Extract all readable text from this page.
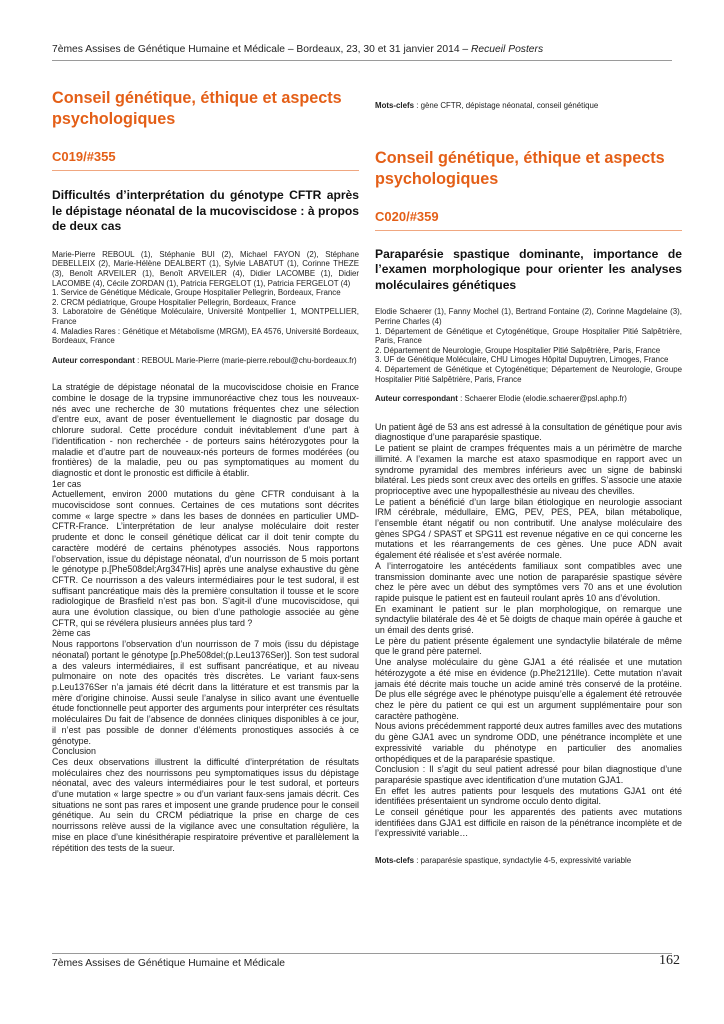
7èmes Assises de Génétique Humaine et Médicale – Bordeaux, 23, 30 et 31 janvier 2014 – Recueil Posters
Conseil génétique, éthique et aspects psychologiques
C019/#355
Difficultés d’interprétation du génotype CFTR après le dépistage néonatal de la mucoviscidose : à propos de deux cas
Marie-Pierre REBOUL (1), Stéphanie BUI (2), Michael FAYON (2), Stéphane DEBELLEIX (2), Marie-Hélène DEALBERT (1), Sylvie LABATUT (1), Corinne THEZE (3), Benoît ARVEILER (1), Benoît ARVEILER (4), Didier LACOMBE (1), Didier LACOMBE (4), Cécile ZORDAN (1), Patricia FERGELOT (1), Patricia FERGELOT (4)
1. Service de Génétique Médicale, Groupe Hospitalier Pellegrin, Bordeaux, France
2. CRCM pédiatrique, Groupe Hospitalier Pellegrin, Bordeaux, France
3. Laboratoire de Génétique Moléculaire, Université Montpellier 1, MONTPELLIER, France
4. Maladies Rares : Génétique et Métabolisme (MRGM), EA 4576, Université Bordeaux, Bordeaux, France
Auteur correspondant : REBOUL Marie-Pierre (marie-pierre.reboul@chu-bordeaux.fr)

La stratégie de dépistage néonatal de la mucoviscidose choisie en France combine le dosage de la trypsine immunoréactive chez tous les nouveaux-nés avec une recherche de 30 mutations fréquentes chez une sélection d’entre eux, avant de poser éventuellement le diagnostic par dosage du chlorure sudoral. Cette procédure conduit inévitablement d’une part à l’identification - non recherchée - de porteurs sains hétérozygotes pour la maladie et d’autre part de nouveaux-nés porteurs de formes modérées (ou frontières) de la maladie, peu ou pas symptomatiques au moment du diagnostic et dont le pronostic est difficile à établir.

1er cas

Actuellement, environ 2000 mutations du gène CFTR conduisant à la mucoviscidose sont connues. Certaines de ces mutations sont décrites comme « large spectre » dans les bases de données en particulier UMD-CFTR-France. L’interprétation de leur analyse moléculaire doit rester prudente et donc le conseil génétique délicat car il doit tenir compte du caractère modéré de certains phénotypes associés. Nous rapportons l’observation, issue du dépistage néonatal, d’un nourrisson de 5 mois portant le génotype p.[Phe508del;Arg347His] après une analyse exhaustive du gène CFTR. Ce nourrisson a des valeurs intermédiaires pour le test sudoral, il est suffisant pancréatique mais dès la première consultation il tousse et le score radiologique de Brasfield n’est pas bon. S’agit-il d’une mucoviscidose, qui aura une évolution classique, ou bien d’une pathologie associée au gène CFTR, qui se révélera plusieurs années plus tard ?

2ème cas

Nous rapportons l’observation d’un nourrisson de 7 mois (issu du dépistage néonatal) portant le génotype [p.Phe508del;(p.Leu1376Ser)]. Son test sudoral a des valeurs intermédiaires, il est suffisant pancréatique, et au niveau pulmonaire on note des opacités très discrètes. Le variant faux-sens p.Leu1376Ser n’a jamais été décrit dans la littérature et est transmis par la mère d’origine chinoise. Aussi seule l’analyse in silico avant une éventuelle étude fonctionnelle peut apporter des arguments pour interpréter ces résultats moléculaires Du fait de l’absence de données cliniques disponibles à ce jour, il n’est pas possible de donner d’éléments pronostiques associés à ce génotype.

Conclusion

Ces deux observations illustrent la difficulté d’interprétation de résultats moléculaires chez des nourrissons peu symptomatiques issus du dépistage néonatal, avec des valeurs intermédiaires pour le test sudoral, et porteurs d’une mutation « large spectre » ou d’un variant faux-sens jamais décrit. Ces situations ne sont pas rares et imposent une grande prudence pour le conseil génétique. Au sein du CRCM pédiatrique la prise en charge de ces nourrissons relève aussi de la vigilance avec une consultation régulière, la mise en place d’une kinésithérapie respiratoire préventive et parallèlement la répétition des tests de la sueur.

Mots-clefs : gène CFTR, dépistage néonatal, conseil génétique
Conseil génétique, éthique et aspects psychologiques
C020/#359
Paraparésie spastique dominante, importance de l’examen morphologique pour orienter les analyses moléculaires génétiques
Elodie Schaerer (1), Fanny Mochel (1), Bertrand Fontaine (2), Corinne Magdelaine (3), Perrine Charles (4)
1. Département de Génétique et Cytogénétique, Groupe Hospitalier Pitié Salpêtrière, Paris, France
2. Département de Neurologie, Groupe Hospitalier Pitié Salpêtrière, Paris, France
3. UF de Génétique Moléculaire, CHU Limoges Hôpital Dupuytren, Limoges, France
4. Département de Génétique et Cytogénétique; Département de Neurologie, Groupe Hospitalier Pitié Salpêtrière, Paris, France
Auteur correspondant : Schaerer Elodie (elodie.schaerer@psl.aphp.fr)

Un patient âgé de 53 ans est adressé à la consultation de génétique pour avis diagnostique d’une paraparésie spastique.

Le patient se plaint de crampes fréquentes mais a un périmètre de marche illimité. A l’examen la marche est ataxo spasmodique en rapport avec un syndrome pyramidal des membres inférieurs avec un signe de babinski bilatéral. Les pieds sont creux avec des orteils en griffes. S’associe une ataxie proprioceptive avec une hypopallesthésie au niveau des chevilles.

Le patient a bénéficié d’un large bilan étiologique en neurologie associant IRM cérébrale, médullaire, EMG, PEV, PES, PEA, bilan métabolique, l’ensemble étant négatif ou non contributif. Une analyse moléculaire des gènes SPG4 / SPAST et SPG11 est revenue négative en ce qui concerne les mutations et les réarrangements de ces gènes. Une puce ADN avait également été réalisée et s’est avérée normale.

A l’interrogatoire les antécédents familiaux sont compatibles avec une transmission dominante avec une notion de paraparésie spastique sévère chez le père avec un début des symptômes vers 70 ans et une évolution rapide puisque le patient est en fauteuil roulant après 10 ans d’évolution.

En examinant le patient sur le plan morphologique, on remarque une syndactylie bilatérale des 4è et 5è doigts de chaque main opérée à gauche et un émail des dents grisé.

Le père du patient présente également une syndactylie bilatérale de même que le grand père paternel.

Une analyse moléculaire du gène GJA1 a été réalisée et une mutation hétérozygote a été mise en évidence (p.Phe2121lle). Cette mutation n’avait jamais été décrite mais touche un acide aminé très conservé de la protéine. De plus elle ségrége avec le phénotype puisqu’elle a également été retrouvée chez le père du patient ce qui est un argument supplémentaire pour son caractère pathogène.

Nous avions précédemment rapporté deux autres familles avec des mutations du gène GJA1 avec un syndrome ODD, une pénétrance incomplète et une expressivité variable du phénotype en particulier des anomalies orthopédiques et de la paraparésie spastique.

Conclusion : Il s’agit du seul patient adressé pour bilan diagnostique d’une paraparésie spastique avec identification d’une mutation GJA1.

En effet les autres patients pour lesquels des mutations GJA1 ont été identifiées présentaient un syndrome occulo dento digital.

Le conseil génétique pour les apparentés des patients avec mutations identifiées dans GJA1 est difficile en raison de la pénétrance incomplète et de l’expressivité variable…

Mots-clefs : paraparésie spastique, syndactylie 4-5, expressivité variable
7èmes Assises de Génétique Humaine et Médicale	162
